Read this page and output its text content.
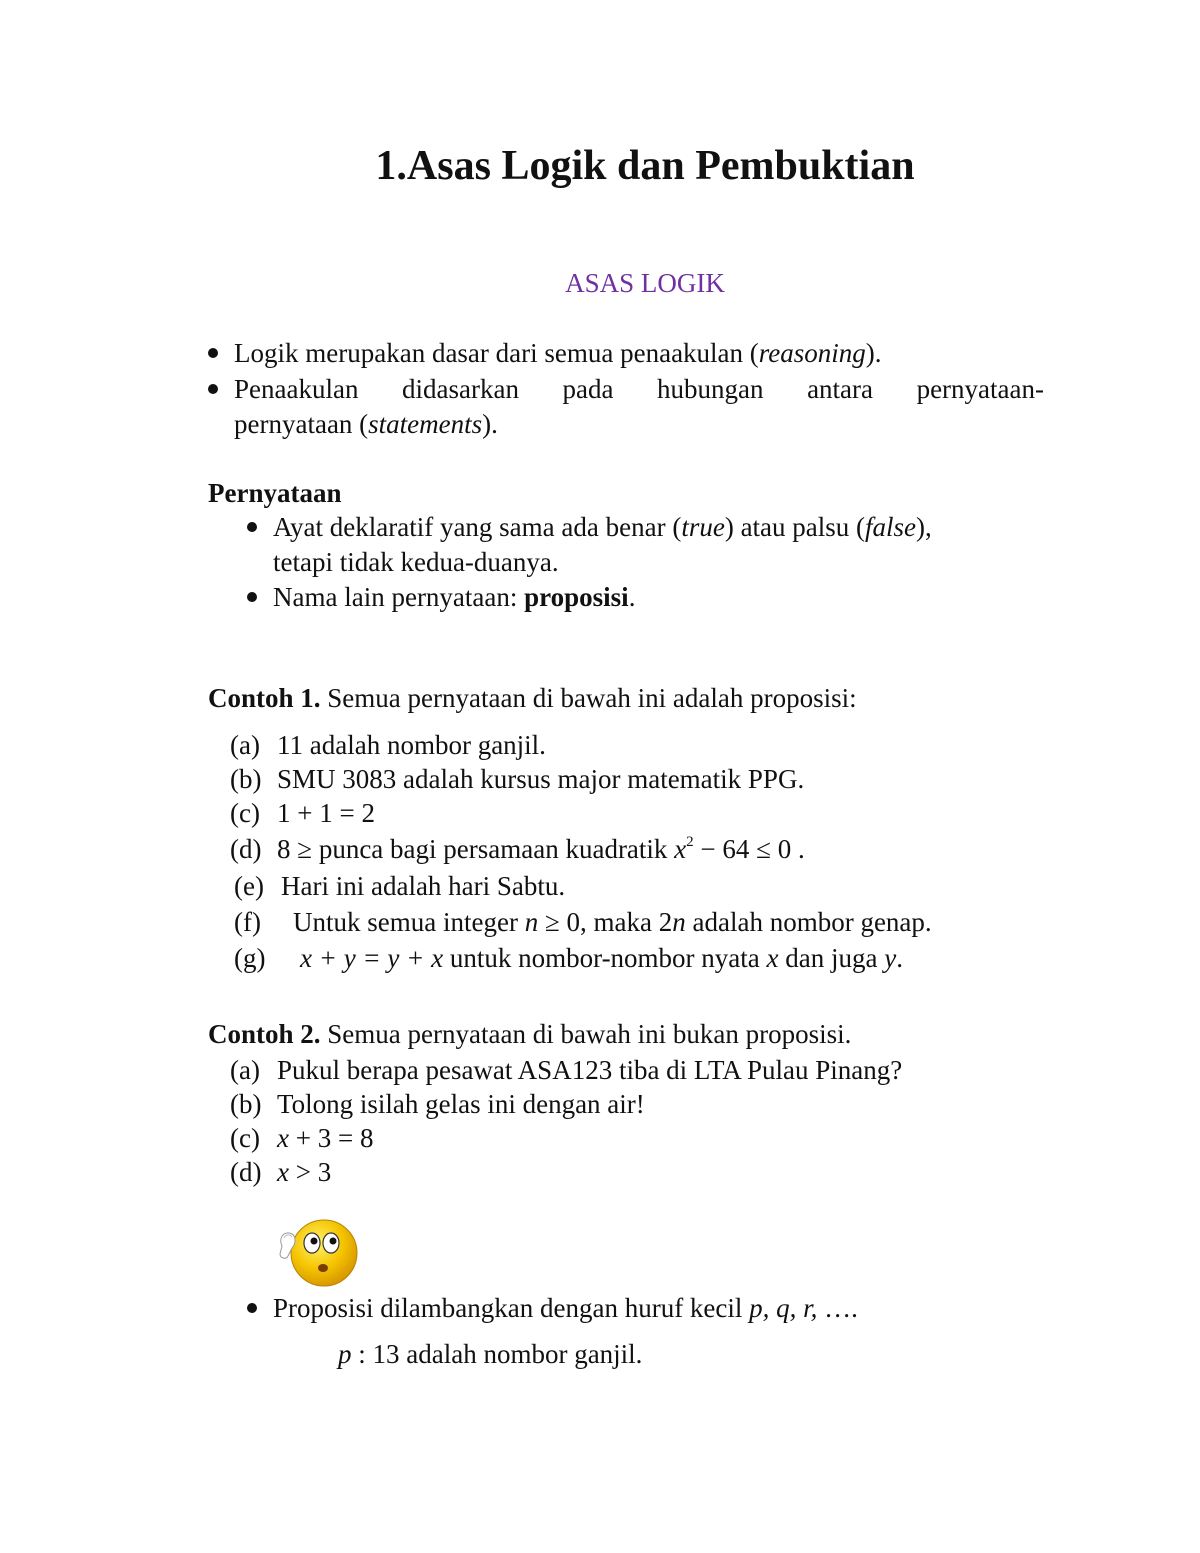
1.Asas Logik dan Pembuktian
ASAS LOGIK
Logik merupakan dasar dari semua penaakulan (reasoning).
Penaakulan didasarkan pada hubungan antara pernyataan-
pernyataan (statements).
Pernyataan
Ayat deklaratif yang sama ada benar (true) atau palsu (false),
tetapi tidak kedua-duanya.
Nama lain pernyataan: proposisi.
Contoh 1. Semua pernyataan di bawah ini adalah proposisi:
(a) 11 adalah nombor ganjil.
(b) SMU 3083 adalah kursus major matematik PPG.
(c) 1 + 1 = 2
(d) 8 ≥ punca bagi persamaan kuadratik $x^2 - 64 \le 0$ .
(e) Hari ini adalah hari Sabtu.
(f) Untuk semua integer n ≥ 0, maka 2n adalah nombor genap.
(g) x + y = y + x untuk nombor-nombor nyata x dan juga y.
Contoh 2. Semua pernyataan di bawah ini bukan proposisi.
(a) Pukul berapa pesawat ASA123 tiba di LTA Pulau Pinang?
(b) Tolong isilah gelas ini dengan air!
(c) x + 3 = 8
(d) x > 3
Proposisi dilambangkan dengan huruf kecil p, q, r, ….
p : 13 adalah nombor ganjil.
